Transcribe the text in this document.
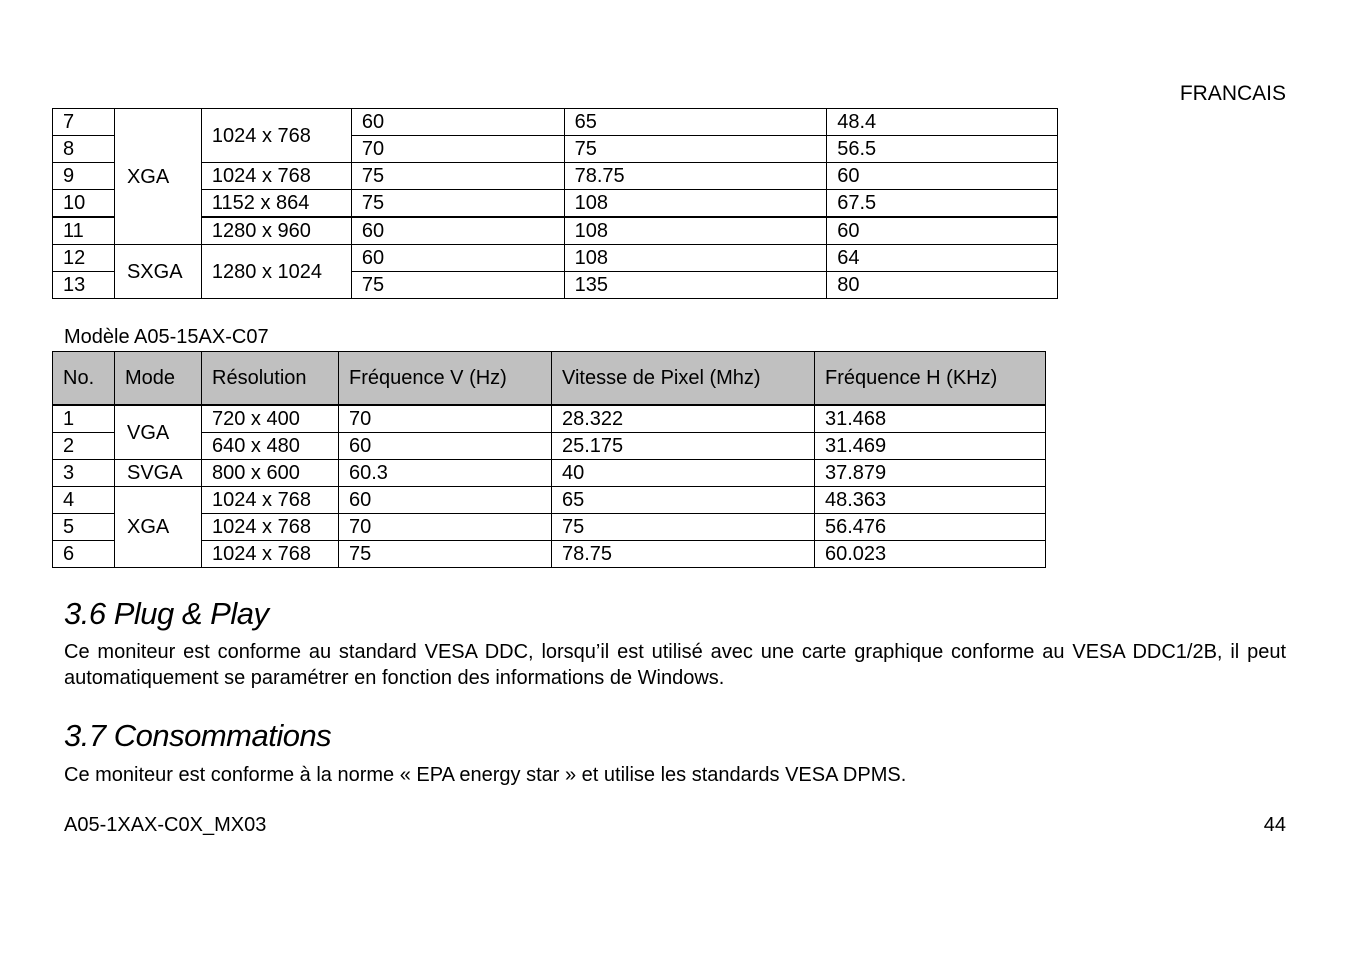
FRANCAIS
7	XGA	1024 x 768	60	65	48.4
8			70	75	56.5
9		1024 x 768	75	78.75	60
10		1152 x 864	75	108	67.5
11		1280 x 960	60	108	60
12	SXGA	1280 x 1024	60	108	64
13			75	135	80
Modèle A05-15AX-C07
No.	Mode	Résolution	Fréquence V (Hz)	Vitesse de Pixel (Mhz)	Fréquence H (KHz)
1	VGA	720 x 400	70	28.322	31.468
2		640 x 480	60	25.175	31.469
3	SVGA	800 x 600	60.3	40	37.879
4	XGA	1024 x 768	60	65	48.363
5		1024 x 768	70	75	56.476
6		1024 x 768	75	78.75	60.023
3.6 Plug & Play
Ce moniteur est conforme au standard VESA DDC, lorsqu’il est utilisé avec une carte graphique conforme au VESA DDC1/2B, il peut automatiquement se paramétrer en fonction des informations de Windows.
3.7 Consommations
Ce moniteur est conforme à la norme « EPA energy star » et utilise les standards VESA DPMS.
A05-1XAX-C0X_MX03	44
